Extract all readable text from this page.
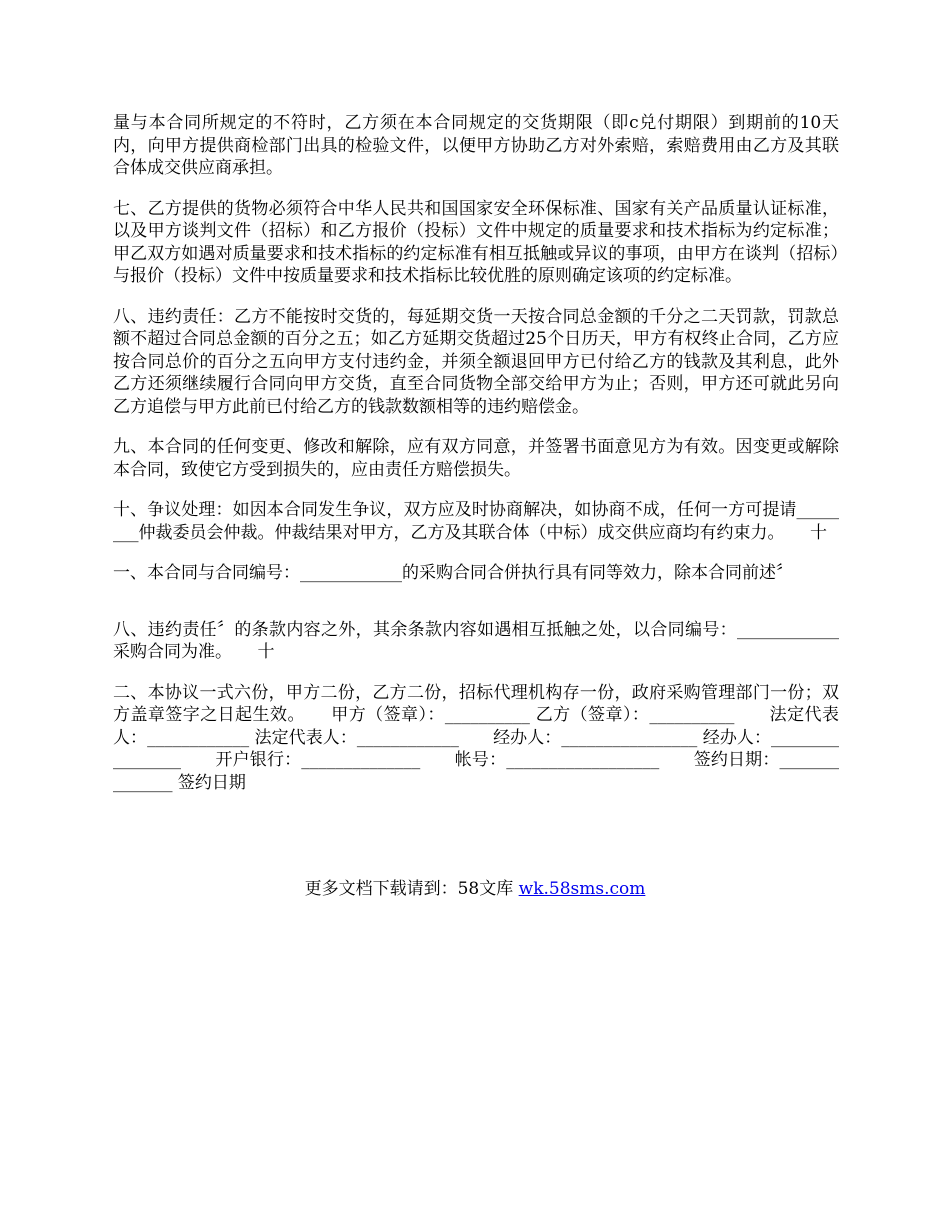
量与本合同所规定的不符时，乙方须在本合同规定的交货期限（即c兑付期限）到期前的10天内，向甲方提供商检部门出具的检验文件，以便甲方协助乙方对外索赔，索赔费用由乙方及其联合体成交供应商承担。

七、乙方提供的货物必须符合中华人民共和国国家安全环保标准、国家有关产品质量认证标准，以及甲方谈判文件（招标）和乙方报价（投标）文件中规定的质量要求和技术指标为约定标准；甲乙双方如遇对质量要求和技术指标的约定标准有相互抵触或异议的事项，由甲方在谈判（招标）与报价（投标）文件中按质量要求和技术指标比较优胜的原则确定该项的约定标准。

八、违约责任：乙方不能按时交货的，每延期交货一天按合同总金额的千分之二天罚款，罚款总额不超过合同总金额的百分之五；如乙方延期交货超过25个日历天，甲方有权终止合同，乙方应按合同总价的百分之五向甲方支付违约金，并须全额退回甲方已付给乙方的钱款及其利息，此外乙方还须继续履行合同向甲方交货，直至合同货物全部交给甲方为止；否则，甲方还可就此另向乙方追偿与甲方此前已付给乙方的钱款数额相等的违约赔偿金。

九、本合同的任何变更、修改和解除，应有双方同意，并签署书面意见方为有效。因变更或解除本合同，致使它方受到损失的，应由责任方赔偿损失。

十、争议处理：如因本合同发生争议，双方应及时协商解决，如协商不成，任何一方可提请________仲裁委员会仲裁。仲裁结果对甲方，乙方及其联合体（中标）成交供应商均有约束力。　　十

一、本合同与合同编号：____________的采购合同合併执行具有同等效力，除本合同前述〞

八、违约责任〞的条款内容之外，其余条款内容如遇相互抵触之处，以合同编号：____________采购合同为准。　　十

二、本协议一式六份，甲方二份，乙方二份，招标代理机构存一份，政府采购管理部门一份；双方盖章签字之日起生效。　　甲方（签章）：__________ 乙方（签章）：__________　　法定代表人：____________ 法定代表人：____________　　经办人：________________ 经办人：________________　　开户银行：______________　　帐号：__________________　　签约日期：______________ 签约日期

更多文档下载请到：58文库 wk.58sms.com
